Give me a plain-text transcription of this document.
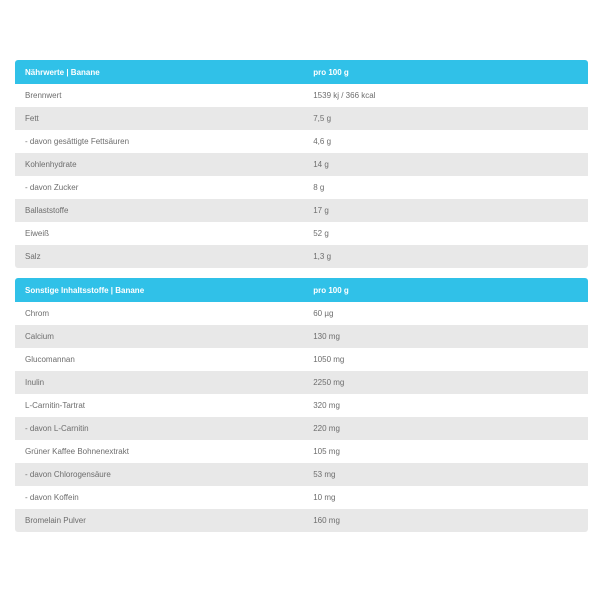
Nährwerte | Banane	pro 100 g
Brennwert	1539 kj / 366 kcal
Fett	7,5 g
- davon gesättigte Fettsäuren	4,6 g
Kohlenhydrate	14 g
- davon Zucker	8 g
Ballaststoffe	17 g
Eiweiß	52 g
Salz	1,3 g
Sonstige Inhaltsstoffe | Banane	pro 100 g
Chrom	60 µg
Calcium	130 mg
Glucomannan	1050 mg
Inulin	2250 mg
L-Carnitin-Tartrat	320 mg
- davon L-Carnitin	220 mg
Grüner Kaffee Bohnenextrakt	105 mg
- davon Chlorogensäure	53 mg
- davon Koffein	10 mg
Bromelain Pulver	160 mg
